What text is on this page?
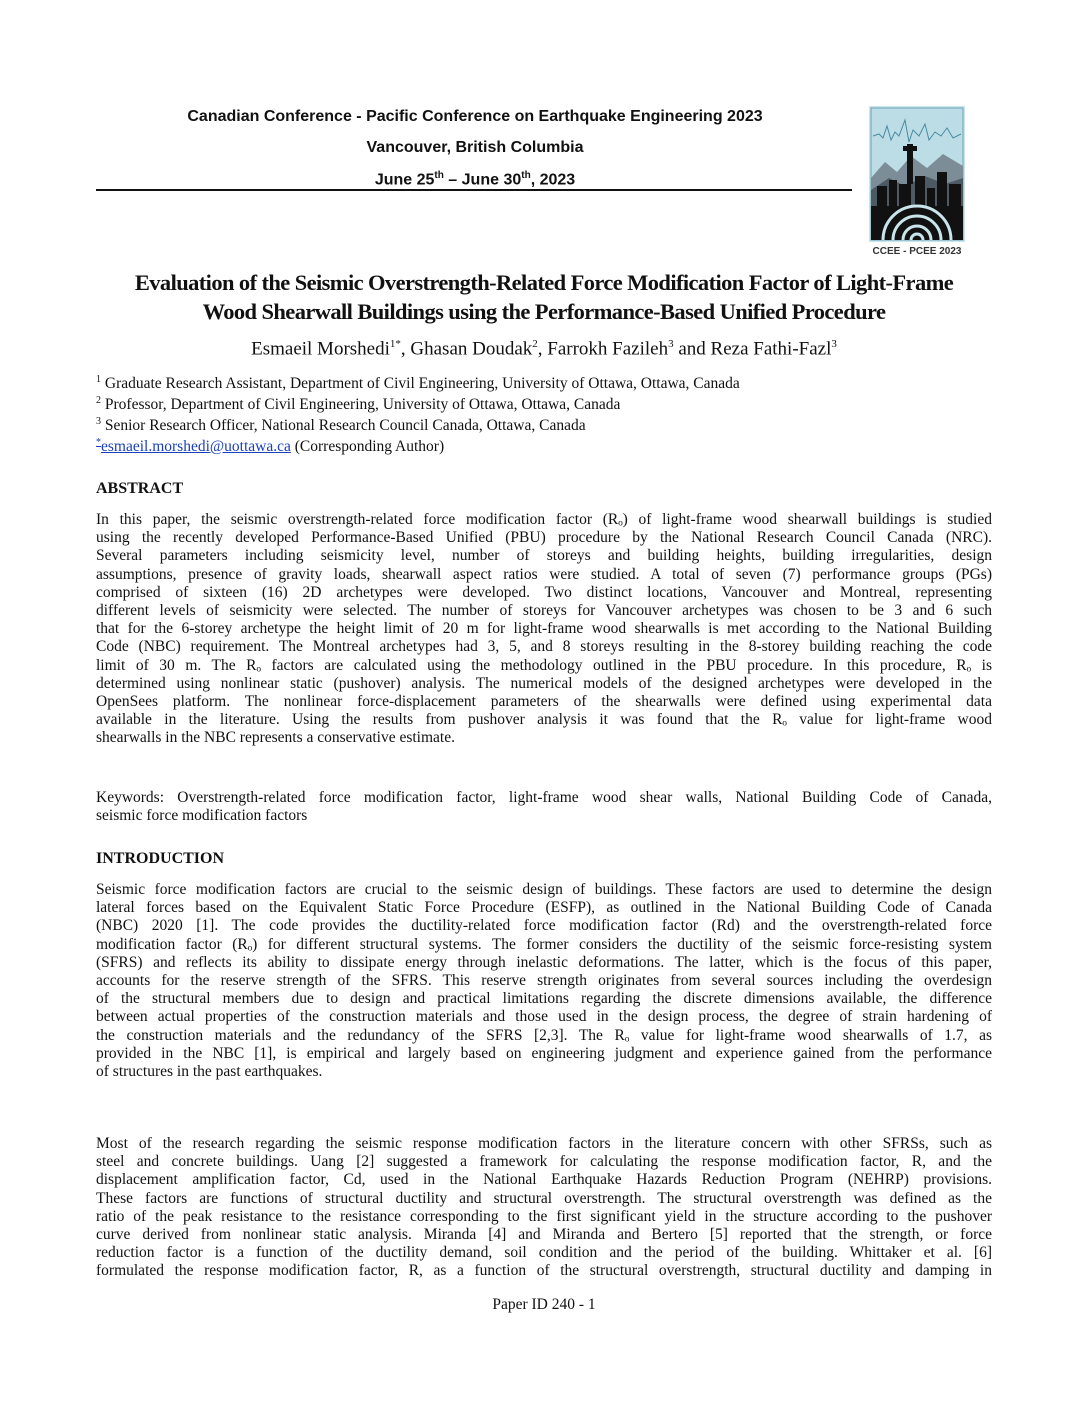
Canadian Conference - Pacific Conference on Earthquake Engineering 2023
Vancouver, British Columbia
June 25th – June 30th, 2023
CCEE - PCEE 2023
Evaluation of the Seismic Overstrength-Related Force Modification Factor of Light-Frame
Wood Shearwall Buildings using the Performance-Based Unified Procedure
Esmaeil Morshedi$^{1*}$, Ghasan Doudak$^2$, Farrokh Fazileh$^3$ and Reza Fathi-Fazl$^3$
$^1$ Graduate Research Assistant, Department of Civil Engineering, University of Ottawa, Ottawa, Canada
$^2$ Professor, Department of Civil Engineering, University of Ottawa, Ottawa, Canada
$^3$ Senior Research Officer, National Research Council Canada, Ottawa, Canada
*esmaeil.morshedi@uottawa.ca (Corresponding Author)
ABSTRACT
In this paper, the seismic overstrength-related force modification factor (Rₒ) of light-frame wood shearwall buildings is studied
using the recently developed Performance-Based Unified (PBU) procedure by the National Research Council Canada (NRC).
Several parameters including seismicity level, number of storeys and building heights, building irregularities, design
assumptions, presence of gravity loads, shearwall aspect ratios were studied. A total of seven (7) performance groups (PGs)
comprised of sixteen (16) 2D archetypes were developed. Two distinct locations, Vancouver and Montreal, representing
different levels of seismicity were selected. The number of storeys for Vancouver archetypes was chosen to be 3 and 6 such
that for the 6-storey archetype the height limit of 20 m for light-frame wood shearwalls is met according to the National Building
Code (NBC) requirement. The Montreal archetypes had 3, 5, and 8 storeys resulting in the 8-storey building reaching the code
limit of 30 m. The Rₒ factors are calculated using the methodology outlined in the PBU procedure. In this procedure, Rₒ is
determined using nonlinear static (pushover) analysis. The numerical models of the designed archetypes were developed in the
OpenSees platform. The nonlinear force-displacement parameters of the shearwalls were defined using experimental data
available in the literature. Using the results from pushover analysis it was found that the Rₒ value for light-frame wood
shearwalls in the NBC represents a conservative estimate.
Keywords: Overstrength-related force modification factor, light-frame wood shear walls, National Building Code of Canada,
seismic force modification factors
INTRODUCTION
Seismic force modification factors are crucial to the seismic design of buildings. These factors are used to determine the design
lateral forces based on the Equivalent Static Force Procedure (ESFP), as outlined in the National Building Code of Canada
(NBC) 2020 [1]. The code provides the ductility-related force modification factor (Rd) and the overstrength-related force
modification factor (Rₒ) for different structural systems. The former considers the ductility of the seismic force-resisting system
(SFRS) and reflects its ability to dissipate energy through inelastic deformations. The latter, which is the focus of this paper,
accounts for the reserve strength of the SFRS. This reserve strength originates from several sources including the overdesign
of the structural members due to design and practical limitations regarding the discrete dimensions available, the difference
between actual properties of the construction materials and those used in the design process, the degree of strain hardening of
the construction materials and the redundancy of the SFRS [2,3]. The Rₒ value for light-frame wood shearwalls of 1.7, as
provided in the NBC [1], is empirical and largely based on engineering judgment and experience gained from the performance
of structures in the past earthquakes.
Most of the research regarding the seismic response modification factors in the literature concern with other SFRSs, such as
steel and concrete buildings. Uang [2] suggested a framework for calculating the response modification factor, R, and the
displacement amplification factor, Cd, used in the National Earthquake Hazards Reduction Program (NEHRP) provisions.
These factors are functions of structural ductility and structural overstrength. The structural overstrength was defined as the
ratio of the peak resistance to the resistance corresponding to the first significant yield in the structure according to the pushover
curve derived from nonlinear static analysis. Miranda [4] and Miranda and Bertero [5] reported that the strength, or force
reduction factor is a function of the ductility demand, soil condition and the period of the building. Whittaker et al. [6]
formulated the response modification factor, R, as a function of the structural overstrength, structural ductility and damping in
Paper ID 240 - 1
